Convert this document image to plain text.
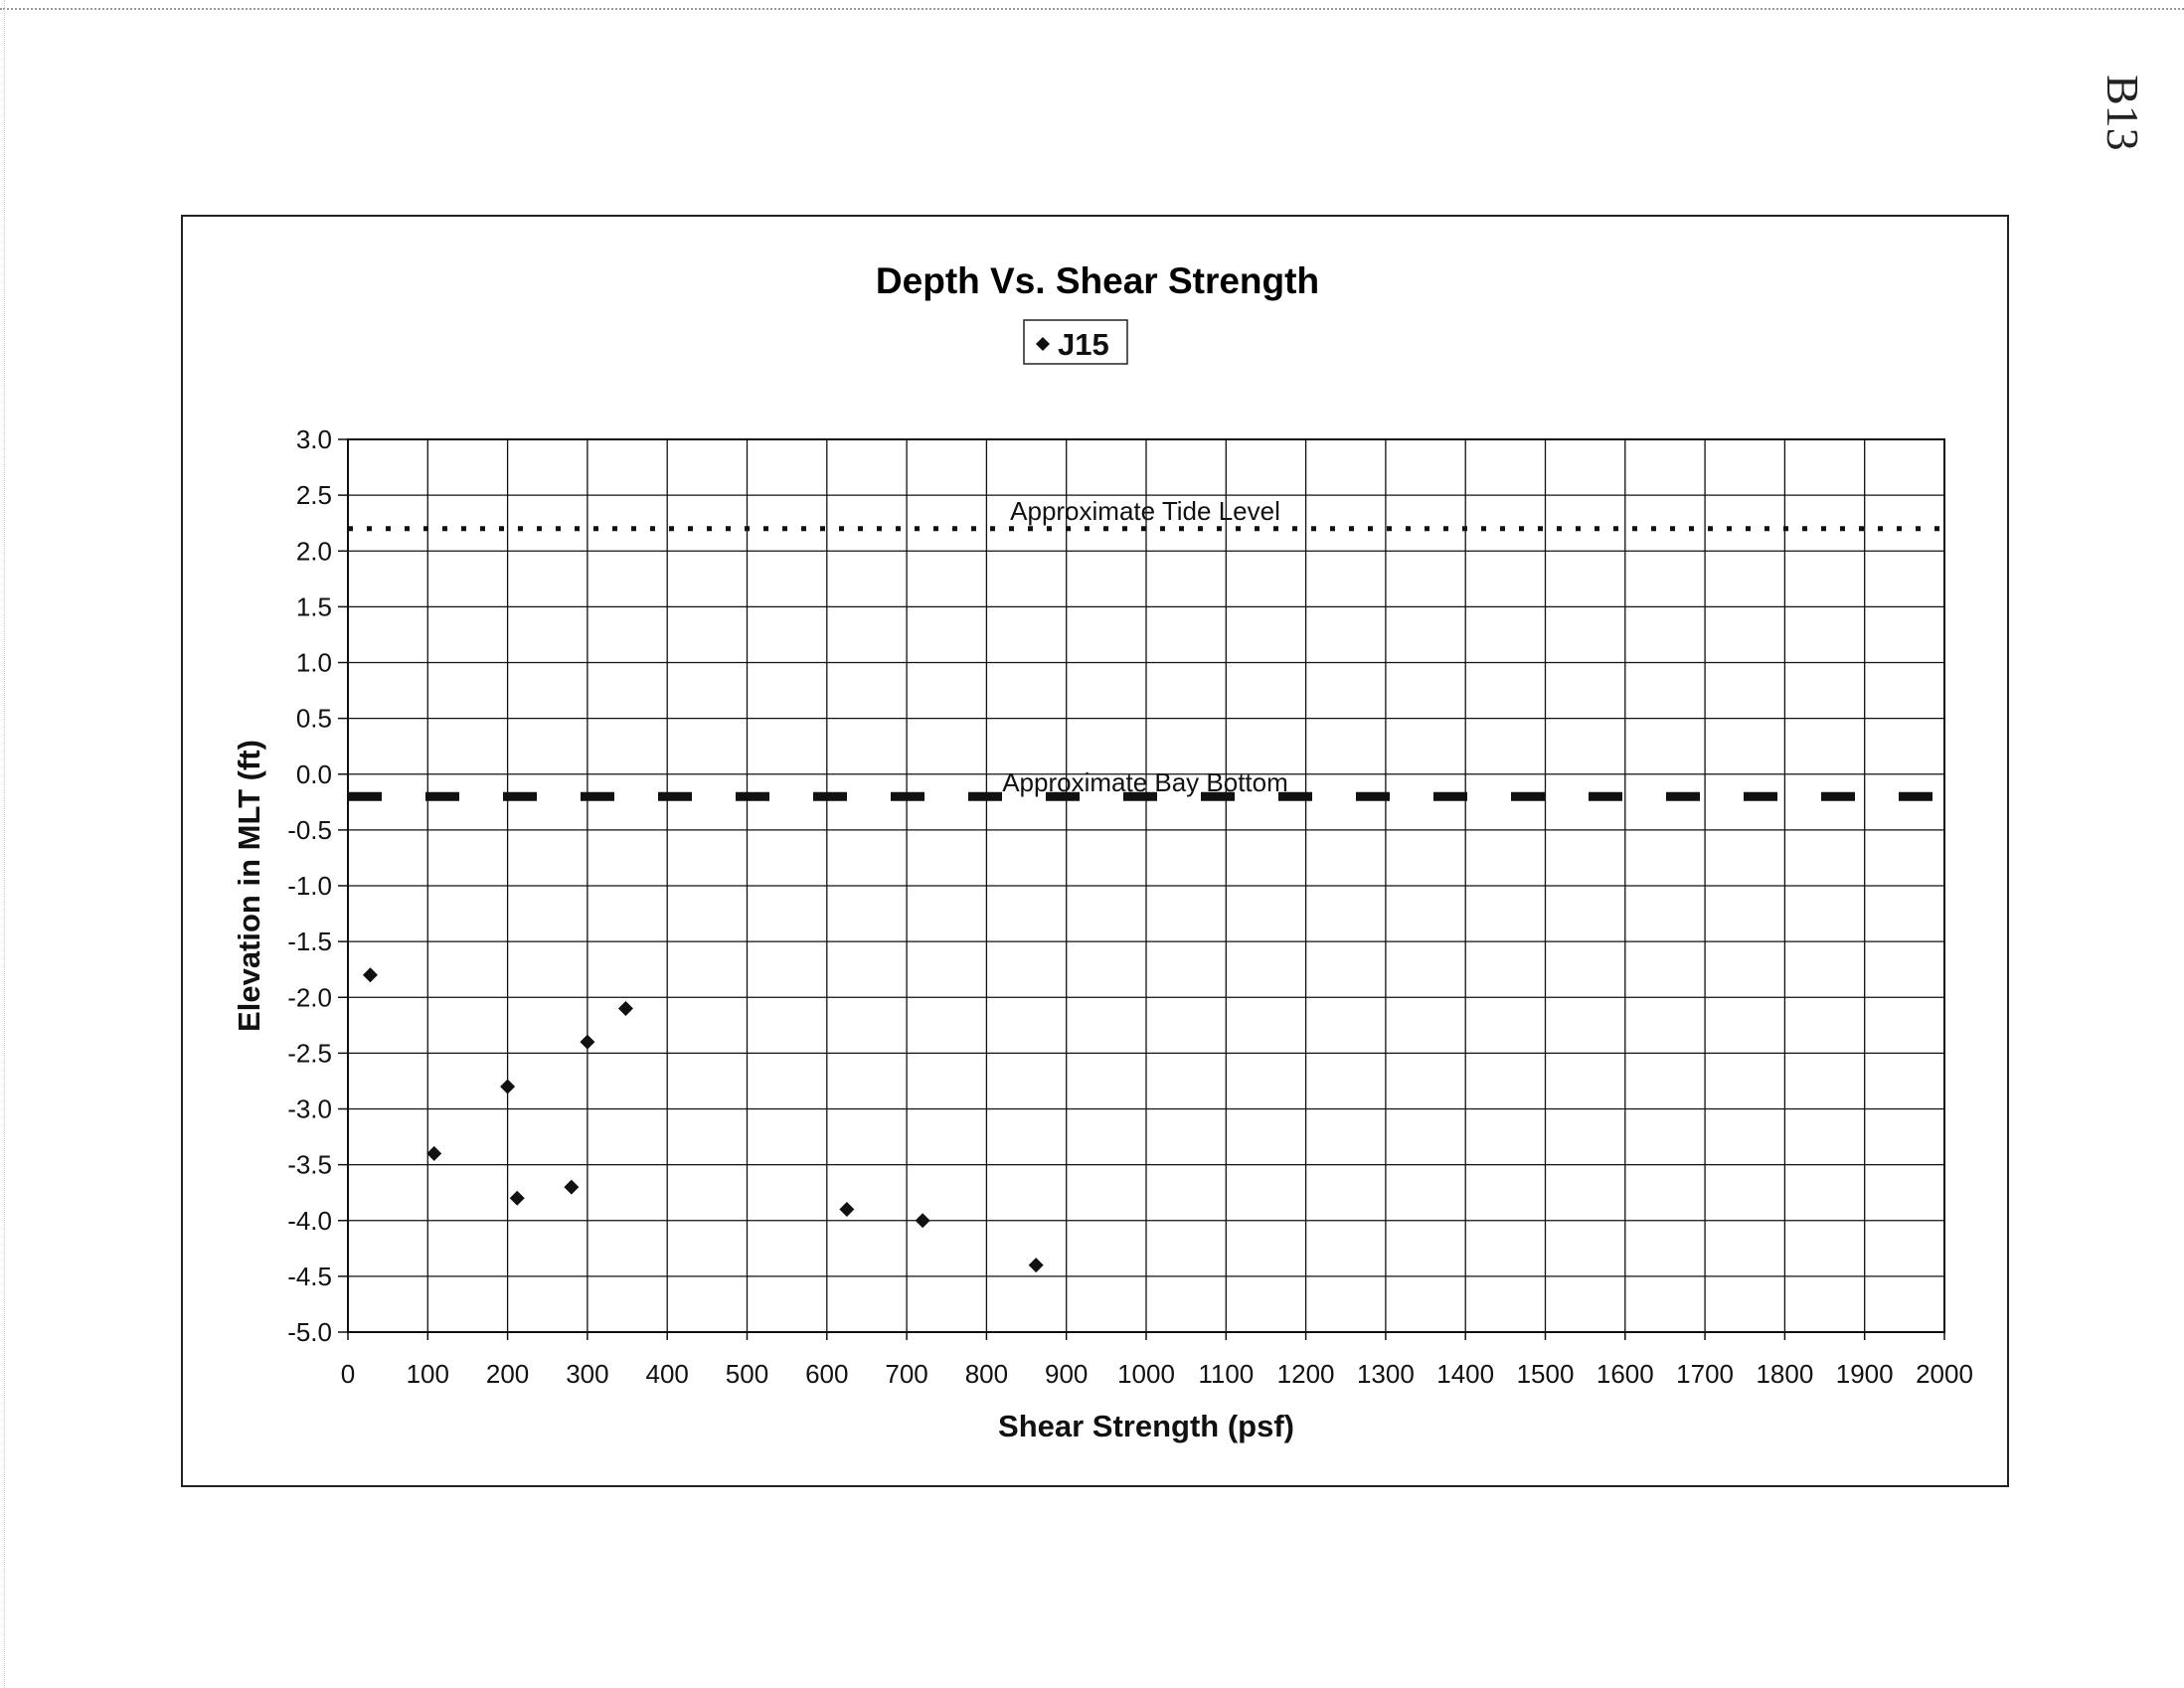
B13
Depth Vs. Shear Strength
J15
Approximate Tide Level
Approximate Bay Bottom
3.0
2.5
2.0
1.5
1.0
0.5
0.0
-0.5
-1.0
-1.5
-2.0
-2.5
-3.0
-3.5
-4.0
-4.5
-5.0
0 100 200 300 400 500 600 700 800 900 1000 1100 1200 1300 1400 1500 1600 1700 1800 1900 2000
Shear Strength (psf)
Elevation in MLT (ft)
